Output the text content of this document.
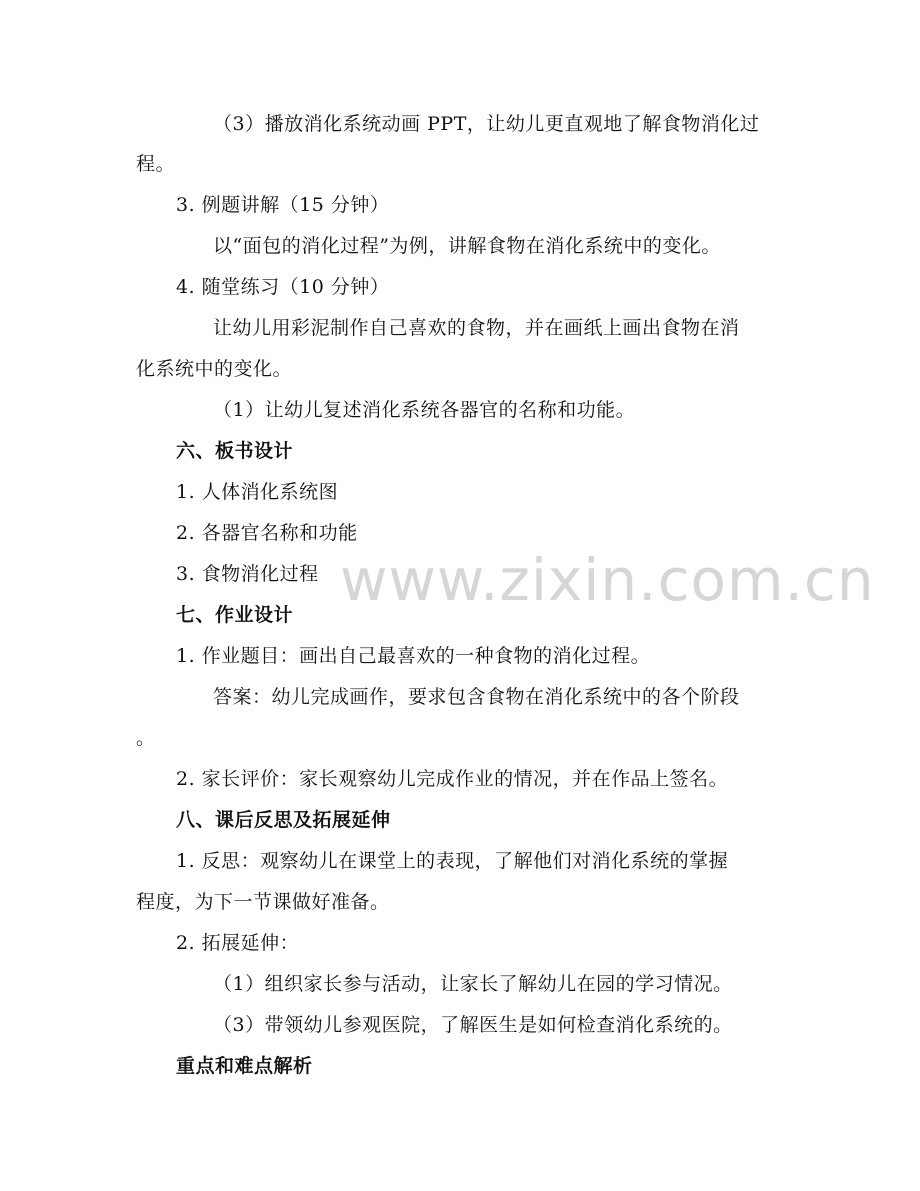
（3）播放消化系统动画 PPT，让幼儿更直观地了解食物消化过
程。
3. 例题讲解（15 分钟）
以“面包的消化过程”为例，讲解食物在消化系统中的变化。
4. 随堂练习（10 分钟）
让幼儿用彩泥制作自己喜欢的食物，并在画纸上画出食物在消
化系统中的变化。
（1）让幼儿复述消化系统各器官的名称和功能。
六、板书设计
1. 人体消化系统图
2. 各器官名称和功能
3. 食物消化过程
七、作业设计
1. 作业题目：画出自己最喜欢的一种食物的消化过程。
答案：幼儿完成画作，要求包含食物在消化系统中的各个阶段
。
2. 家长评价：家长观察幼儿完成作业的情况，并在作品上签名。
八、课后反思及拓展延伸
1. 反思：观察幼儿在课堂上的表现，了解他们对消化系统的掌握
程度，为下一节课做好准备。
2. 拓展延伸：
（1）组织家长参与活动，让家长了解幼儿在园的学习情况。
（3）带领幼儿参观医院，了解医生是如何检查消化系统的。
重点和难点解析
www.zixin.com.cn
